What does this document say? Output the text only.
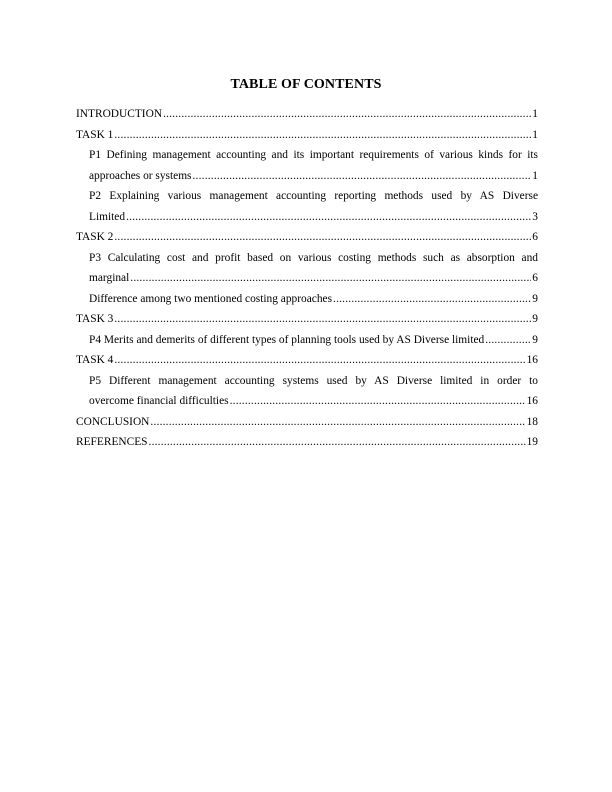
TABLE OF CONTENTS
INTRODUCTION .....	1
TASK 1 .....	1
P1 Defining management accounting and its important requirements of various kinds for its
approaches or systems .....	1
P2 Explaining various management accounting reporting methods used by AS Diverse
Limited .....	3
TASK 2 .....	6
P3 Calculating cost and profit based on various costing methods such as absorption and
marginal .....	6
Difference among two mentioned costing approaches .....	9
TASK 3 .....	9
P4 Merits and demerits of different types of planning tools used by AS Diverse limited .....	9
TASK 4 .....	16
P5 Different management accounting systems used by AS Diverse limited in order to
overcome financial difficulties .....	16
CONCLUSION .....	18
REFERENCES .....	19
